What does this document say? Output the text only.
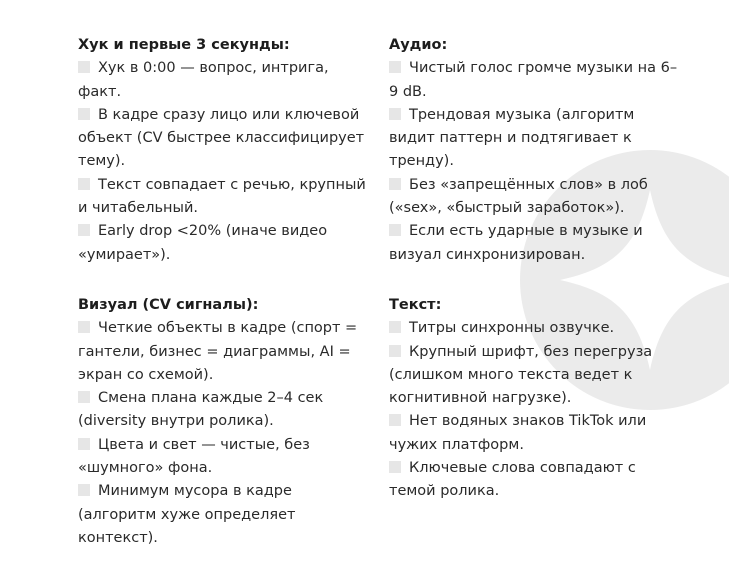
Хук и первые 3 секунды:
Хук в 0:00 — вопрос, интрига, факт.
В кадре сразу лицо или ключевой объект (CV быстрее классифицирует тему).
Текст совпадает с речью, крупный и читабельный.
Early drop <20% (иначе видео «умирает»).
Визуал (CV сигналы):
Четкие объекты в кадре (спорт = гантели, бизнес = диаграммы, AI = экран со схемой).
Смена плана каждые 2–4 сек (diversity внутри ролика).
Цвета и свет — чистые, без «шумного» фона.
Минимум мусора в кадре (алгоритм хуже определяет контекст).
Аудио:
Чистый голос громче музыки на 6–9 dB.
Трендовая музыка (алгоритм видит паттерн и подтягивает к тренду).
Без «запрещённых слов» в лоб («sex», «быстрый заработок»).
Если есть ударные в музыке и визуал синхронизирован.
Текст:
Титры синхронны озвучке.
Крупный шрифт, без перегруза (слишком много текста ведет к когнитивной нагрузке).
Нет водяных знаков TikTok или чужих платформ.
Ключевые слова совпадают с темой ролика.
